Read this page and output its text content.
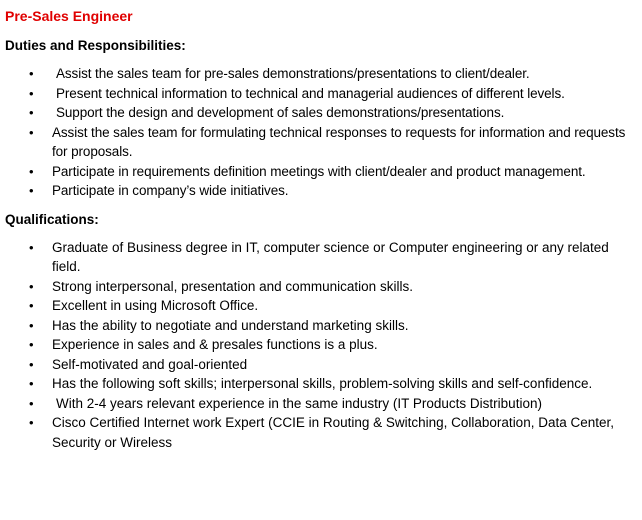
Pre-Sales Engineer
Duties and Responsibilities:
• Assist the sales team for pre-sales demonstrations/presentations to client/dealer.
• Present technical information to technical and managerial audiences of different levels.
• Support the design and development of sales demonstrations/presentations.
• Assist the sales team for formulating technical responses to requests for information and requests for proposals.
• Participate in requirements definition meetings with client/dealer and product management.
• Participate in company’s wide initiatives.
Qualifications:
• Graduate of Business degree in IT, computer science or Computer engineering or any related field.
• Strong interpersonal, presentation and communication skills.
• Excellent in using Microsoft Office.
• Has the ability to negotiate and understand marketing skills.
• Experience in sales and & presales functions is a plus.
• Self-motivated and goal-oriented
• Has the following soft skills; interpersonal skills, problem-solving skills and self-confidence.
• With 2-4 years relevant experience in the same industry (IT Products Distribution)
• Cisco Certified Internet work Expert (CCIE in Routing & Switching, Collaboration, Data Center, Security or Wireless
